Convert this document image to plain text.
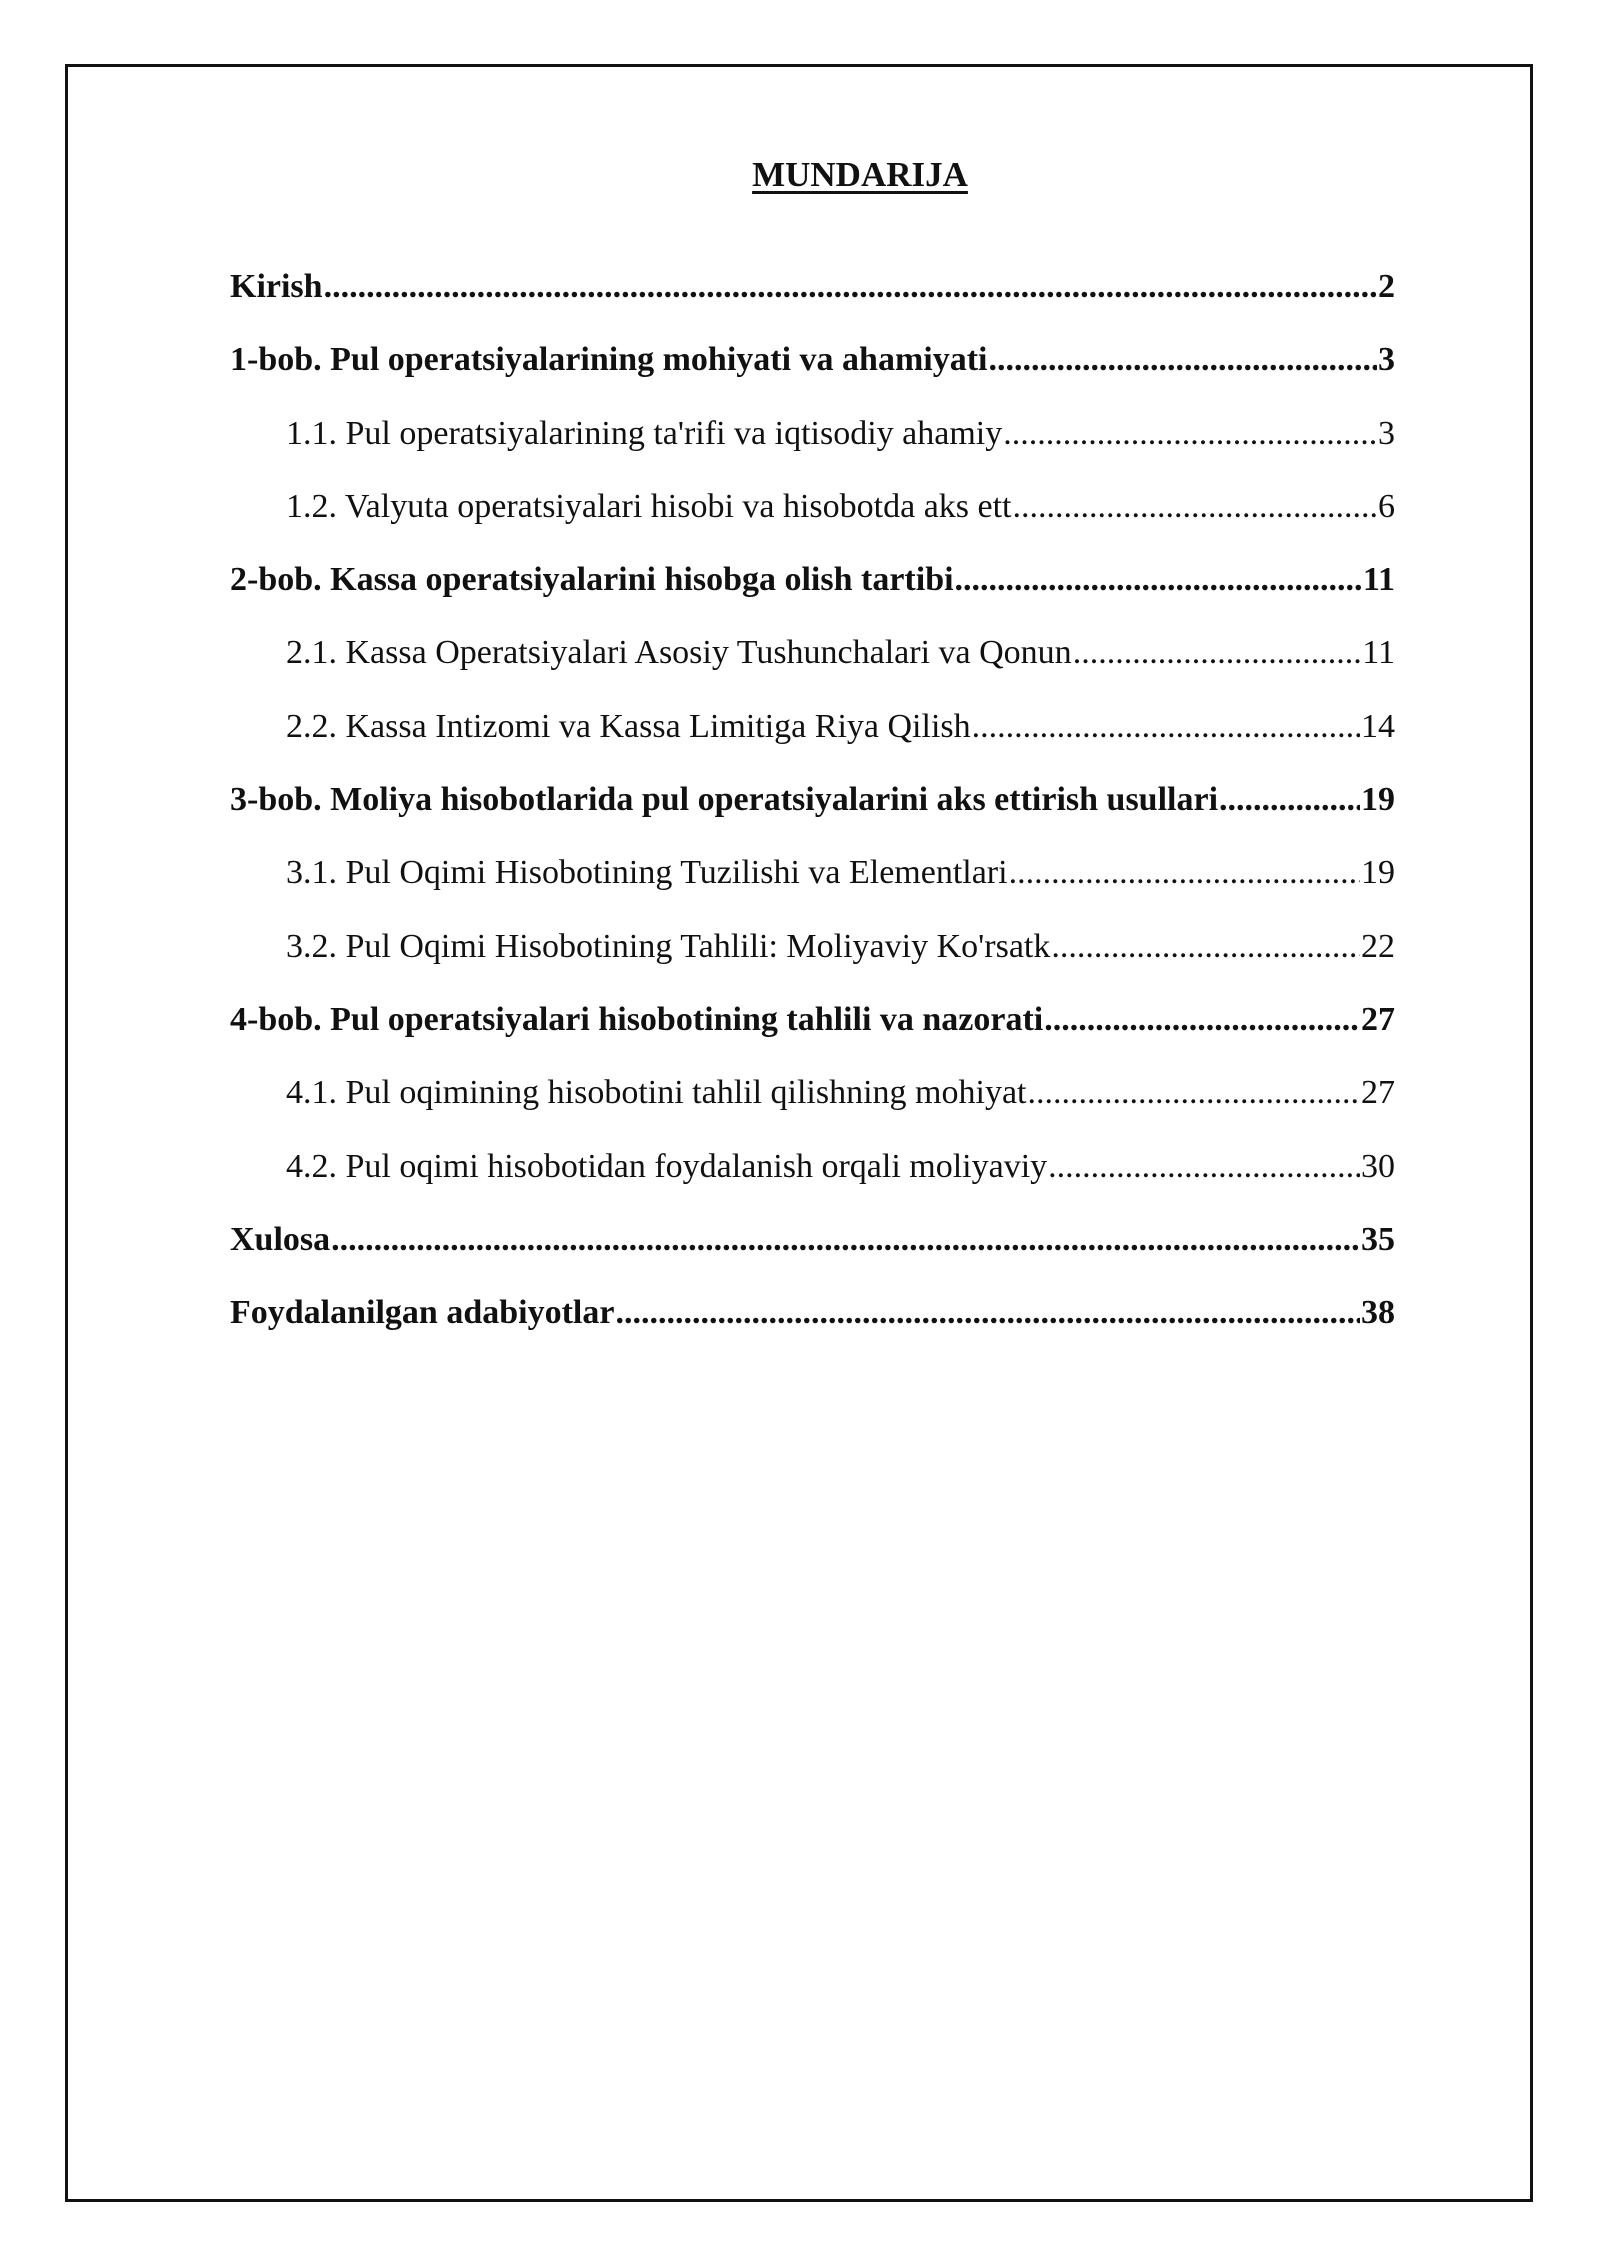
MUNDARIJA
Kirish .....	2
1-bob. Pul operatsiyalarining mohiyati va ahamiyati .....	3
1.1. Pul operatsiyalarining ta'rifi va iqtisodiy ahamiy .....	3
1.2. Valyuta operatsiyalari hisobi va hisobotda aks ett .....	6
2-bob. Kassa operatsiyalarini hisobga olish tartibi .....	11
2.1. Kassa Operatsiyalari Asosiy Tushunchalari va Qonun .....	11
2.2. Kassa Intizomi va Kassa Limitiga Riya Qilish .....	14
3-bob. Moliya hisobotlarida pul operatsiyalarini aks ettirish usullari .....	19
3.1. Pul Oqimi Hisobotining Tuzilishi va Elementlari .....	19
3.2. Pul Oqimi Hisobotining Tahlili: Moliyaviy Ko'rsatk .....	22
4-bob. Pul operatsiyalari hisobotining tahlili va nazorati .....	27
4.1. Pul oqimining hisobotini tahlil qilishning mohiyat .....	27
4.2. Pul oqimi hisobotidan foydalanish orqali moliyaviy .....	30
Xulosa .....	35
Foydalanilgan adabiyotlar .....	38
